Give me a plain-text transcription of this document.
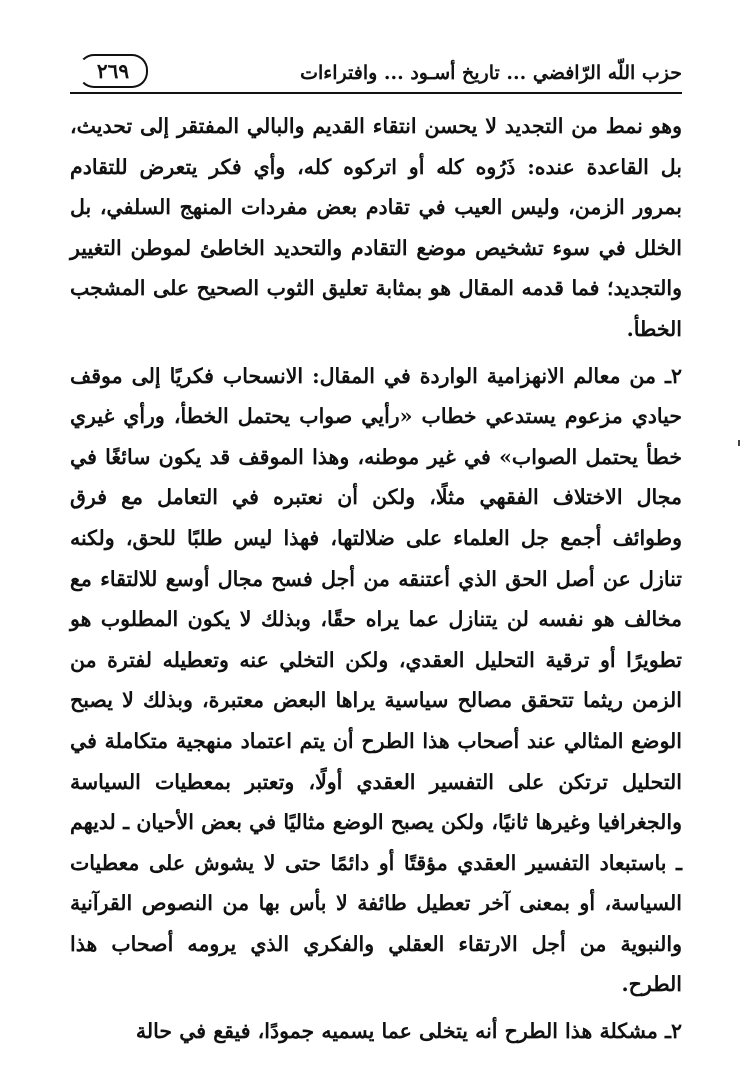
حزب اللّه الرّافضي ... تاريخ أسـود ... وافتراءات
٢٦٩

وهو نمط من التجديد لا يحسن انتقاء القديم والبالي المفتقر إلى تحديث، بل القاعدة عنده: ذَرُوه كله أو اتركوه كله، وأي فكر يتعرض للتقادم بمرور الزمن، وليس العيب في تقادم بعض مفردات المنهج السلفي، بل الخلل في سوء تشخيص موضع التقادم والتحديد الخاطئ لموطن التغيير والتجديد؛ فما قدمه المقال هو بمثابة تعليق الثوب الصحيح على المشجب الخطأ.

٢ـ من معالم الانهزامية الواردة في المقال: الانسحاب فكريًا إلى موقف حيادي مزعوم يستدعي خطاب «رأيي صواب يحتمل الخطأ، ورأي غيري خطأ يحتمل الصواب» في غير موطنه، وهذا الموقف قد يكون سائغًا في مجال الاختلاف الفقهي مثلًا، ولكن أن نعتبره في التعامل مع فرق وطوائف أجمع جل العلماء على ضلالتها، فهذا ليس طلبًا للحق، ولكنه تنازل عن أصل الحق الذي أعتنقه من أجل فسح مجال أوسع للالتقاء مع مخالف هو نفسه لن يتنازل عما يراه حقًا، وبذلك لا يكون المطلوب هو تطويرًا أو ترقية التحليل العقدي، ولكن التخلي عنه وتعطيله لفترة من الزمن ريثما تتحقق مصالح سياسية يراها البعض معتبرة، وبذلك لا يصبح الوضع المثالي عند أصحاب هذا الطرح أن يتم اعتماد منهجية متكاملة في التحليل ترتكن على التفسير العقدي أولًا، وتعتبر بمعطيات السياسة والجغرافيا وغيرها ثانيًا، ولكن يصبح الوضع مثاليًا في بعض الأحيان ـ لديهم ـ باستبعاد التفسير العقدي مؤقتًا أو دائمًا حتى لا يشوش على معطيات السياسة، أو بمعنى آخر تعطيل طائفة لا بأس بها من النصوص القرآنية والنبوية من أجل الارتقاء العقلي والفكري الذي يرومه أصحاب هذا الطرح.

٢ـ مشكلة هذا الطرح أنه يتخلى عما يسميه جمودًا، فيقع في حالة
